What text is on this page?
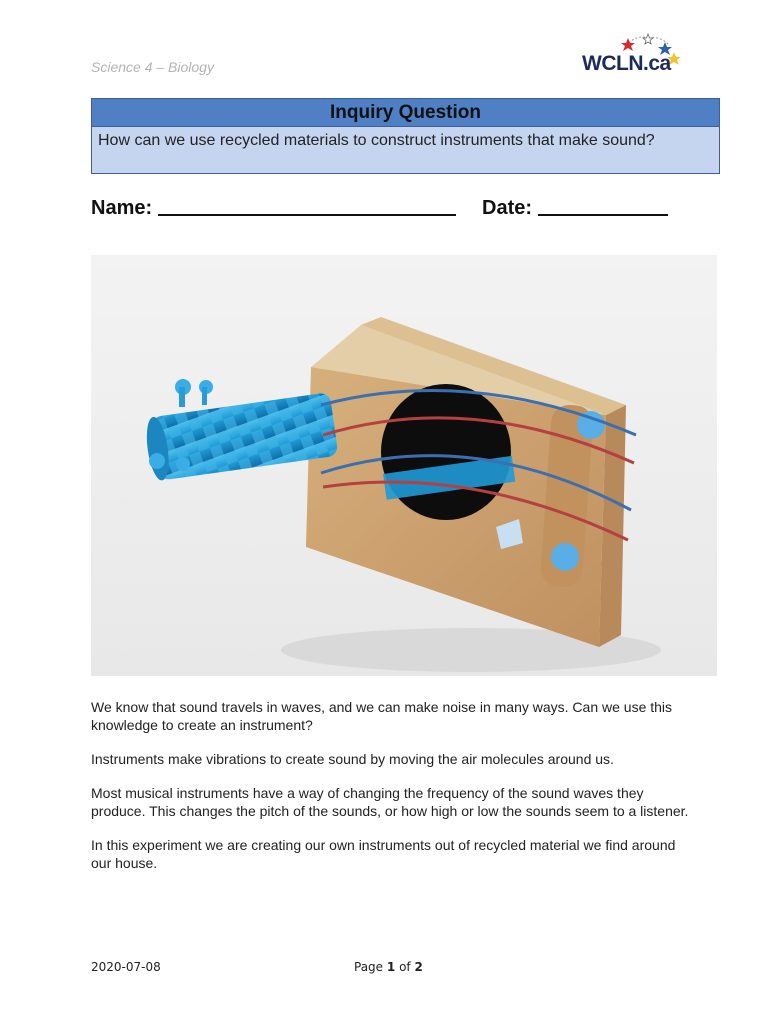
Science 4 – Biology	WCLN.ca
Inquiry Question
How can we use recycled materials to construct instruments that make sound?
Name:	Date:

We know that sound travels in waves, and we can make noise in many ways. Can we use this knowledge to create an instrument?

Instruments make vibrations to create sound by moving the air molecules around us.

Most musical instruments have a way of changing the frequency of the sound waves they produce. This changes the pitch of the sounds, or how high or low the sounds seem to a listener.

In this experiment we are creating our own instruments out of recycled material we find around our house.

2020-07-08	Page 1 of 2
